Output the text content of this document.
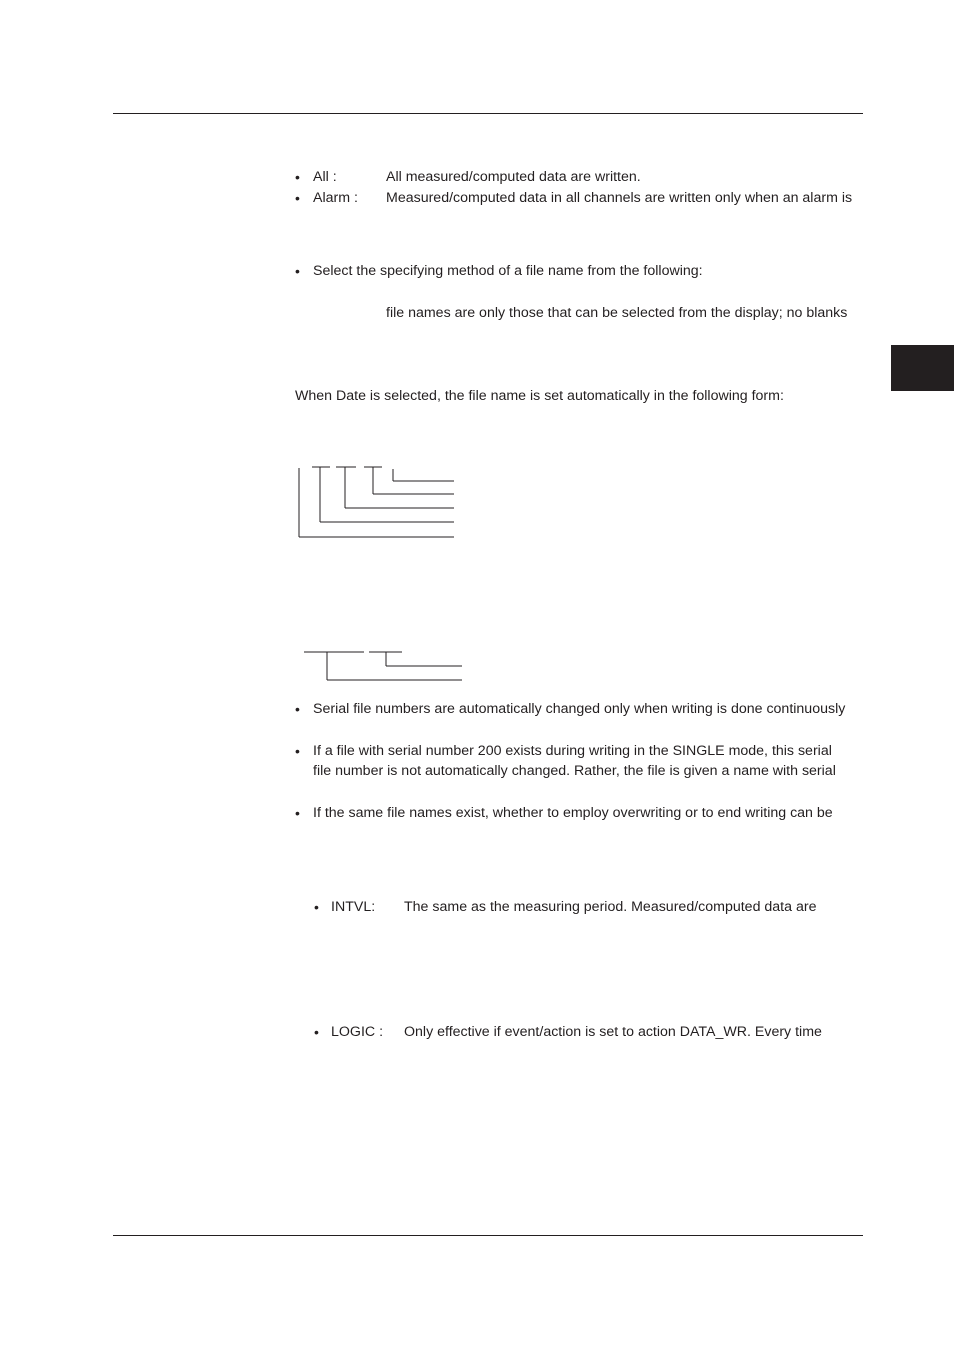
• All :	All measured/computed data are written.
• Alarm : Measured/computed data in all channels are written only when an alarm is
• Select the specifying method of a file name from the following:
file names are only those that can be selected from the display; no blanks
When Date is selected, the file name is set automatically in the following form:
• Serial file numbers are automatically changed only when writing is done continuously
• If a file with serial number 200 exists during writing in the SINGLE mode, this serial
file number is not automatically changed. Rather, the file is given a name with serial
• If the same file names exist, whether to employ overwriting or to end writing can be
• INTVL: The same as the measuring period. Measured/computed data are
• LOGIC : Only effective if event/action is set to action DATA_WR. Every time
